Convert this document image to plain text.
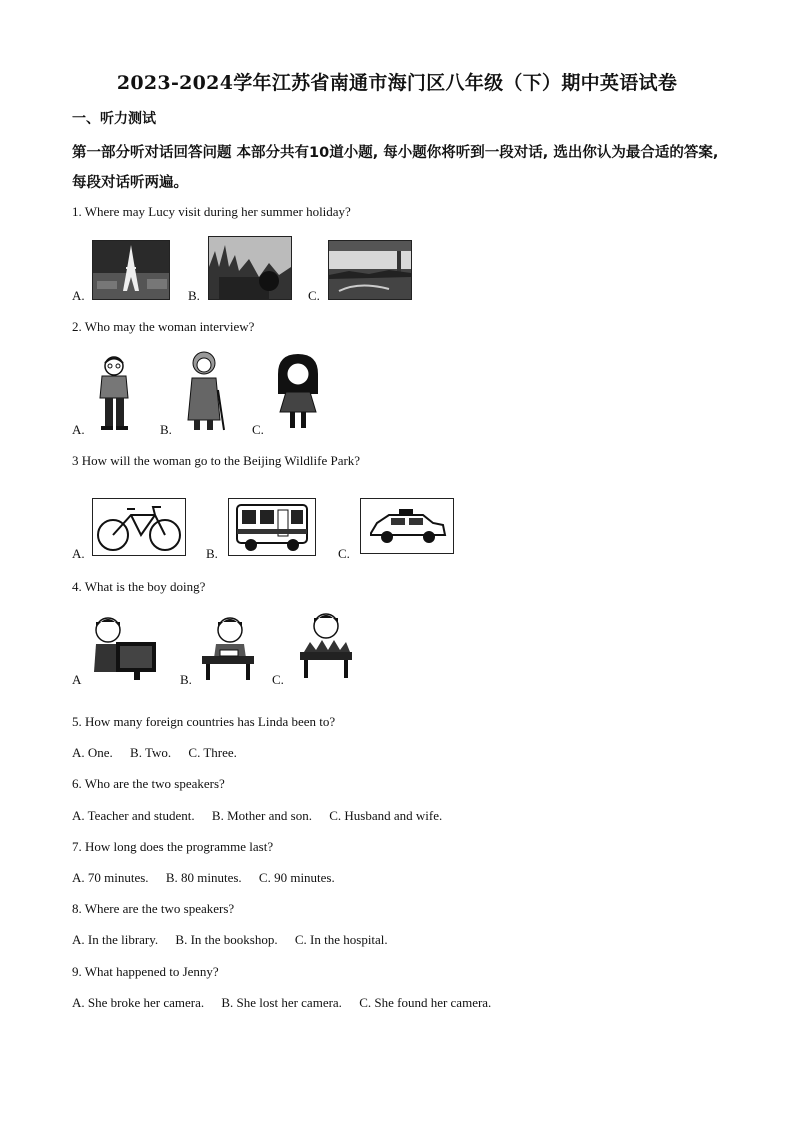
2023-2024学年江苏省南通市海门区八年级（下）期中英语试卷
一、听力测试
第一部分听对话回答问题 本部分共有10道小题, 每小题你将听到一段对话, 选出你认为最合适的答案, 每段对话听两遍。
1. Where may Lucy visit during her summer holiday?
A.	B.	C.
2. Who may the woman interview?
A.	B.	C.
3 How will the woman go to the Beijing Wildlife Park?
A.	B.	C.
4. What is the boy doing?
A	B.	C.
5. How many foreign countries has Linda been to?
A. One. B. Two. C. Three.
6. Who are the two speakers?
A. Teacher and student. B. Mother and son. C. Husband and wife.
7. How long does the programme last?
A. 70 minutes. B. 80 minutes. C. 90 minutes.
8. Where are the two speakers?
A. In the library. B. In the bookshop. C. In the hospital.
9. What happened to Jenny?
A. She broke her camera. B. She lost her camera. C. She found her camera.
